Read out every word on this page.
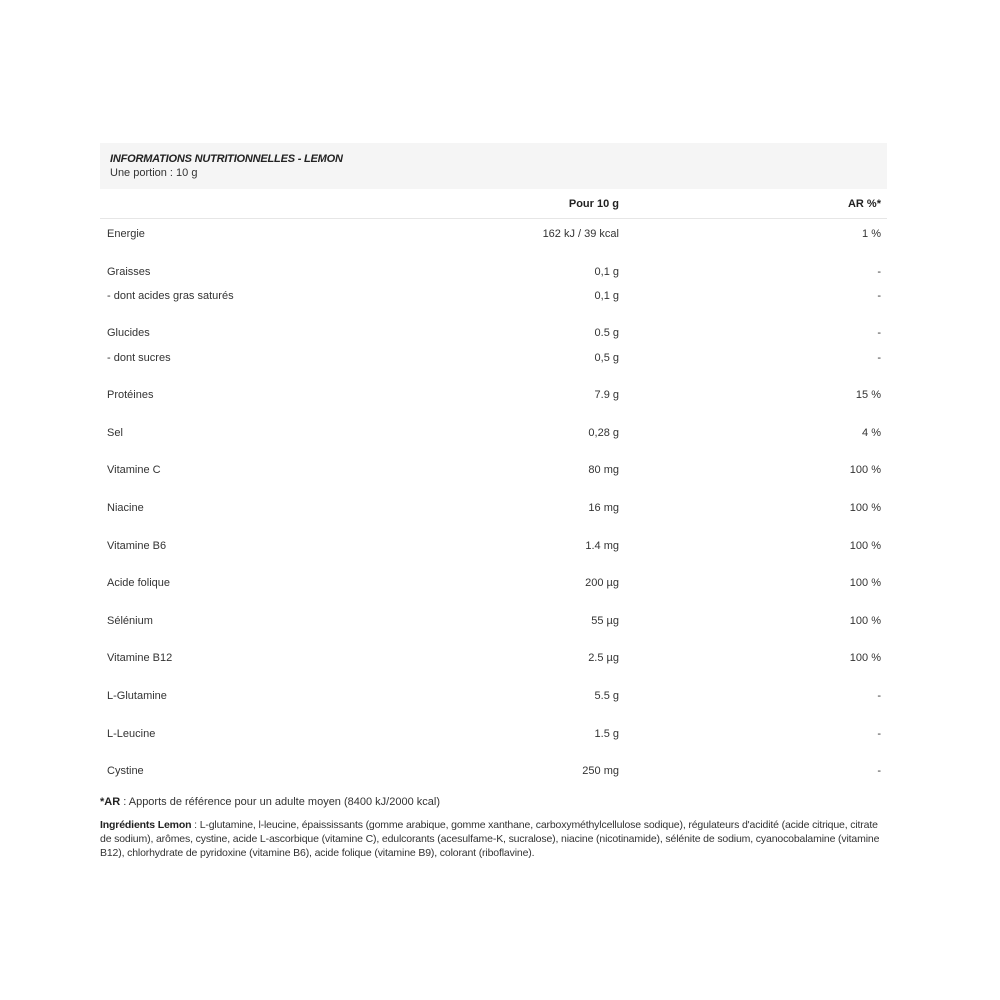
INFORMATIONS NUTRITIONNELLES - LEMON
Une portion : 10 g
Pour 10 g	AR %*
Energie	162 kJ / 39 kcal	1 %
Graisses	0,1 g	-
- dont acides gras saturés	0,1 g	-
Glucides	0.5 g	-
- dont sucres	0,5 g	-
Protéines	7.9 g	15 %
Sel	0,28 g	4 %
Vitamine C	80 mg	100 %
Niacine	16 mg	100 %
Vitamine B6	1.4 mg	100 %
Acide folique	200 µg	100 %
Sélénium	55 µg	100 %
Vitamine B12	2.5 µg	100 %
L-Glutamine	5.5 g	-
L-Leucine	1.5 g	-
Cystine	250 mg	-
*AR : Apports de référence pour un adulte moyen (8400 kJ/2000 kcal)
Ingrédients Lemon : L-glutamine, l-leucine, épaississants (gomme arabique, gomme xanthane, carboxyméthylcellulose sodique), régulateurs d'acidité (acide citrique, citrate de sodium), arômes, cystine, acide L-ascorbique (vitamine C), edulcorants (acesulfame-K, sucralose), niacine (nicotinamide), sélénite de sodium, cyanocobalamine (vitamine B12), chlorhydrate de pyridoxine (vitamine B6), acide folique (vitamine B9), colorant (riboflavine).
